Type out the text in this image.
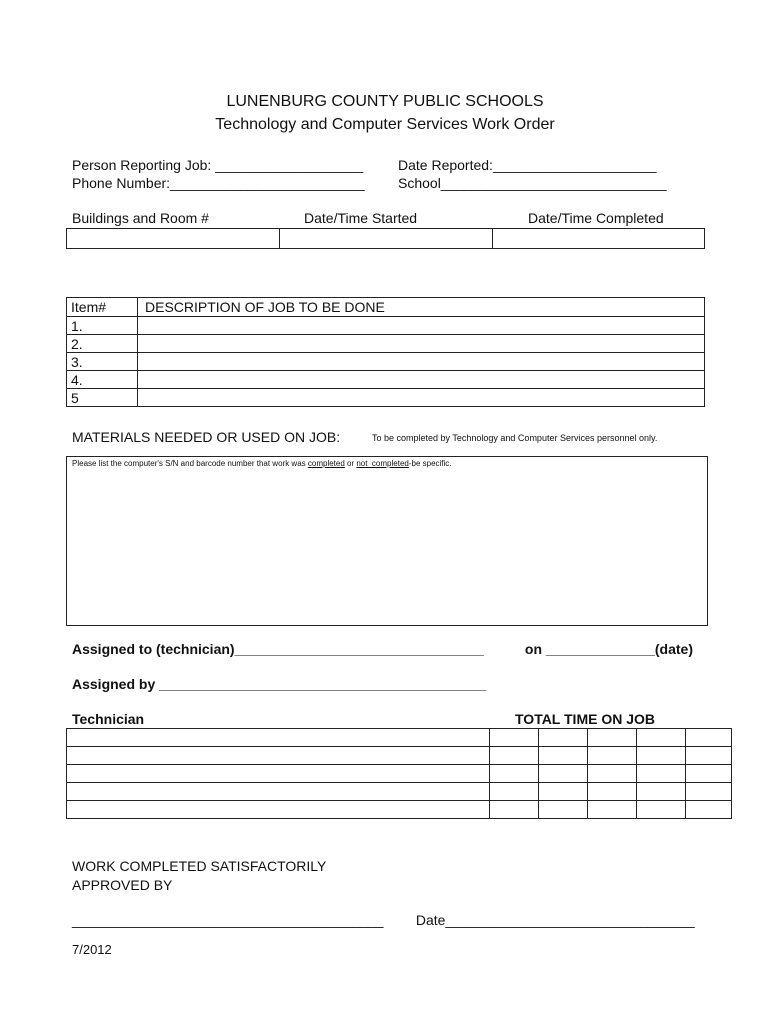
LUNENBURG COUNTY PUBLIC SCHOOLS
Technology and Computer Services Work Order
Person Reporting Job: ___________________ Date Reported:_____________________
Phone Number:_________________________ School_____________________________
Buildings and Room #	Date/Time Started	Date/Time Completed

Item#	DESCRIPTION OF JOB TO BE DONE
1.	
2.	
3.	
4.	
5	
MATERIALS NEEDED OR USED ON JOB:	To be completed by Technology and Computer Services personnel only.
Please list the computer's S/N and barcode number that work was completed or not  completed-be specific.
Assigned to (technician)________________________________	on ______________(date)
Assigned by __________________________________________
Technician	TOTAL TIME ON JOB

WORK COMPLETED SATISFACTORILY
APPROVED BY
________________________________________ Date________________________________
7/2012
